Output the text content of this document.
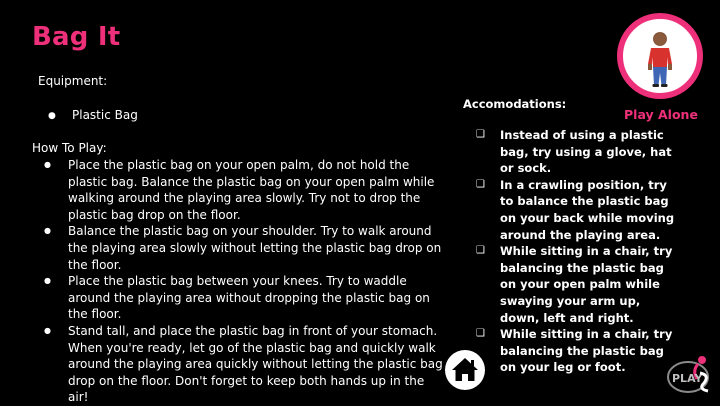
Bag It
Equipment:
● Plastic Bag
How To Play:
● Place the plastic bag on your open palm, do not hold the plastic bag. Balance the plastic bag on your open palm while walking around the playing area slowly. Try not to drop the plastic bag drop on the floor.
● Balance the plastic bag on your shoulder. Try to walk around the playing area slowly without letting the plastic bag drop on the floor.
● Place the plastic bag between your knees. Try to waddle around the playing area without dropping the plastic bag on the floor.
● Stand tall, and place the plastic bag in front of your stomach. When you're ready, let go of the plastic bag and quickly walk around the playing area quickly without letting the plastic bag drop on the floor. Don't forget to keep both hands up in the air!
Accomodations:
❑ Instead of using a plastic bag, try using a glove, hat or sock.
❑ In a crawling position, try to balance the plastic bag on your back while moving around the playing area.
❑ While sitting in a chair, try balancing the plastic bag on your open palm while swaying your arm up, down, left and right.
❑ While sitting in a chair, try balancing the plastic bag on your leg or foot.
Play Alone
PLAY
